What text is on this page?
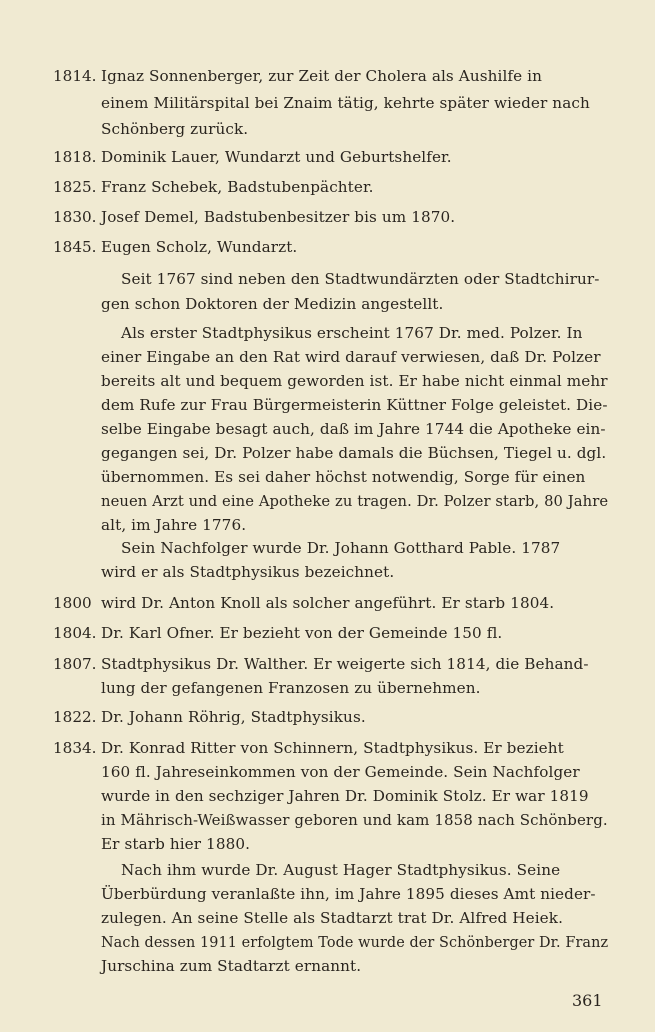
1814. Ignaz Sonnenberger, zur Zeit der Cholera als Aushilfe in
einem Militärspital bei Znaim tätig, kehrte später wieder nach
Schönberg zurück.
1818. Dominik Lauer, Wundarzt und Geburtshelfer.
1825. Franz Schebek, Badstubenpächter.
1830. Josef Demel, Badstubenbesitzer bis um 1870.
1845. Eugen Scholz, Wundarzt.
Seit 1767 sind neben den Stadtwundärzten oder Stadtchirur-
gen schon Doktoren der Medizin angestellt.
Als erster Stadtphysikus erscheint 1767 Dr. med. Polzer. In
einer Eingabe an den Rat wird darauf verwiesen, daß Dr. Polzer
bereits alt und bequem geworden ist. Er habe nicht einmal mehr
dem Rufe zur Frau Bürgermeisterin Küttner Folge geleistet. Die-
selbe Eingabe besagt auch, daß im Jahre 1744 die Apotheke ein-
gegangen sei, Dr. Polzer habe damals die Büchsen, Tiegel u. dgl.
übernommen. Es sei daher höchst notwendig, Sorge für einen
neuen Arzt und eine Apotheke zu tragen. Dr. Polzer starb, 80 Jahre
alt, im Jahre 1776.
Sein Nachfolger wurde Dr. Johann Gotthard Pable. 1787
wird er als Stadtphysikus bezeichnet.
1800 wird Dr. Anton Knoll als solcher angeführt. Er starb 1804.
1804. Dr. Karl Ofner. Er bezieht von der Gemeinde 150 fl.
1807. Stadtphysikus Dr. Walther. Er weigerte sich 1814, die Behand-
lung der gefangenen Franzosen zu übernehmen.
1822. Dr. Johann Röhrig, Stadtphysikus.
1834. Dr. Konrad Ritter von Schinnern, Stadtphysikus. Er bezieht
160 fl. Jahreseinkommen von der Gemeinde. Sein Nachfolger
wurde in den sechziger Jahren Dr. Dominik Stolz. Er war 1819
in Mährisch-Weißwasser geboren und kam 1858 nach Schönberg.
Er starb hier 1880.
Nach ihm wurde Dr. August Hager Stadtphysikus. Seine
Überbürdung veranlaßte ihn, im Jahre 1895 dieses Amt nieder-
zulegen. An seine Stelle als Stadtarzt trat Dr. Alfred Heiek.
Nach dessen 1911 erfolgtem Tode wurde der Schönberger Dr. Franz
Jurschina zum Stadtarzt ernannt.
361
